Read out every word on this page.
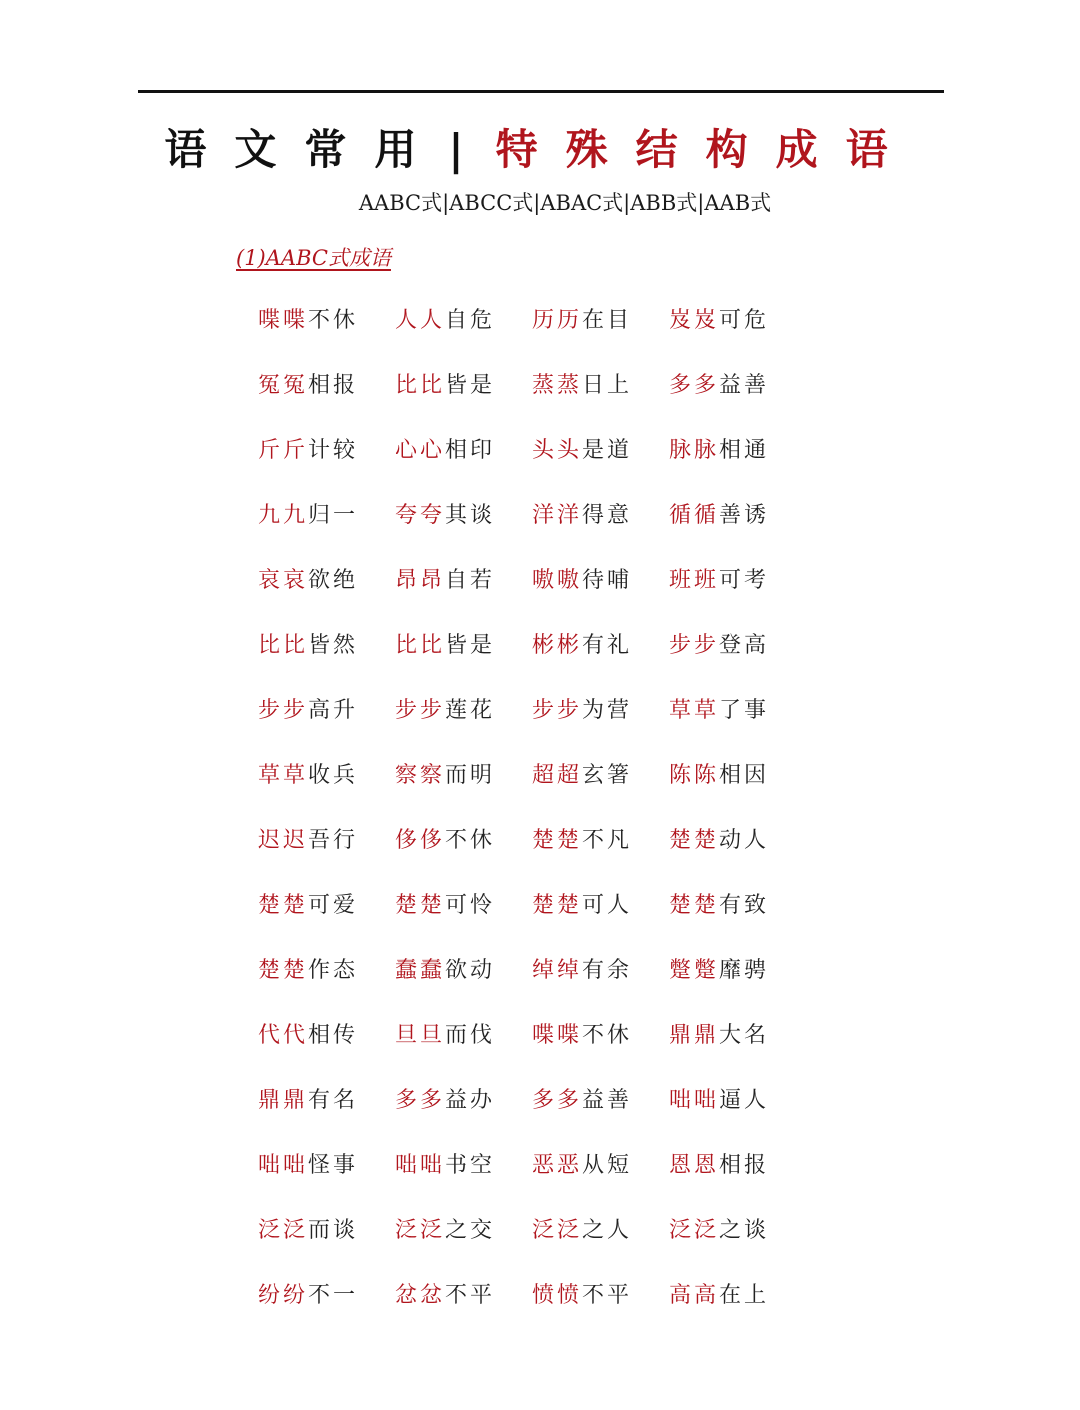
语文常用|特殊结构成语
AABC式|ABCC式|ABAC式|ABB式|AAB式
(1)AABC式成语
喋喋不休	人人自危	历历在目	岌岌可危
冤冤相报	比比皆是	蒸蒸日上	多多益善
斤斤计较	心心相印	头头是道	脉脉相通
九九归一	夸夸其谈	洋洋得意	循循善诱
哀哀欲绝	昂昂自若	嗷嗷待哺	班班可考
比比皆然	比比皆是	彬彬有礼	步步登高
步步高升	步步莲花	步步为营	草草了事
草草收兵	察察而明	超超玄箸	陈陈相因
迟迟吾行	侈侈不休	楚楚不凡	楚楚动人
楚楚可爱	楚楚可怜	楚楚可人	楚楚有致
楚楚作态	蠢蠢欲动	绰绰有余	蹩蹩靡骋
代代相传	旦旦而伐	喋喋不休	鼎鼎大名
鼎鼎有名	多多益办	多多益善	咄咄逼人
咄咄怪事	咄咄书空	恶恶从短	恩恩相报
泛泛而谈	泛泛之交	泛泛之人	泛泛之谈
纷纷不一	忿忿不平	愤愤不平	高高在上
